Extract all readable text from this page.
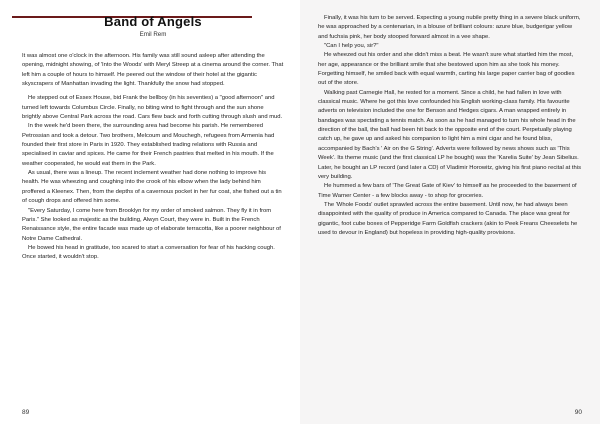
Band of Angels
Emil Rem

It was almost one o'clock in the afternoon. His family was still sound asleep after attending the opening, midnight showing, of 'Into the Woods' with Meryl Streep at a cinema around the corner. That left him a couple of hours to himself. He peered out the window of their hotel at the gigantic skyscrapers of Manhattan invading the light. Thankfully the snow had stopped.

He stepped out of Essex House, bid Frank the bellboy (in his seventies) a "good afternoon" and turned left towards Columbus Circle. Finally, no biting wind to fight through and the sun shone brightly above Central Park across the road. Cars flew back and forth cutting through slush and mud.

In the week he'd been there, the surrounding area had become his parish. He remembered Petrossian and took a detour. Two brothers, Melcoum and Mouchegh, refugees from Armenia had founded their first store in Paris in 1920. They established trading relations with Russia and specialised in caviar and spices. He came for their French pastries that melted in his mouth. If the weather cooperated, he would eat them in the Park.

As usual, there was a lineup. The recent inclement weather had done nothing to improve his health. He was wheezing and coughing into the crook of his elbow when the lady behind him proffered a Kleenex. Then, from the depths of a cavernous pocket in her fur coat, she fished out a tin of cough drops and offered him some.

"Every Saturday, I come here from Brooklyn for my order of smoked salmon. They fly it in from Paris." She looked as majestic as the building, Alwyn Court, they were in. Built in the French Renaissance style, the entire facade was made up of elaborate terracotta, like a poorer neighbour of Notre Dame Cathedral.

He bowed his head in gratitude, too scared to start a conversation for fear of his hacking cough. Once started, it wouldn't stop.

89

Finally, it was his turn to be served. Expecting a young nubile pretty thing in a severe black uniform, he was approached by a centenarian, in a blouse of brilliant colours: azure blue, budgerigar yellow and fuchsia pink, her body stooped forward almost in a vee shape.

"Can I help you, sir?"

He wheezed out his order and she didn't miss a beat. He wasn't sure what startled him the most, her age, appearance or the brilliant smile that she bestowed upon him as she took his money. Forgetting himself, he smiled back with equal warmth, carting his large paper carrier bag of goodies out of the store.

Walking past Carnegie Hall, he rested for a moment. Since a child, he had fallen in love with classical music. Where he got this love confounded his English working-class family. His favourite adverts on television included the one for Benson and Hedges cigars. A man wrapped entirely in bandages was spectating a tennis match. As soon as he had managed to turn his whole head in the direction of the ball, the ball had been hit back to the opposite end of the court. Perpetually playing catch up, he gave up and asked his companion to light him a mini cigar and he found bliss, accompanied by Bach's ' Air on the G String'. Adverts were followed by news shows such as 'This Week'. Its theme music (and the first classical LP he bought) was the 'Karelia Suite' by Jean Sibelius. Later, he bought an LP record (and later a CD) of Vladimir Horowitz, giving his first piano recital at this very building.

He hummed a few bars of 'The Great Gate of Kiev' to himself as he proceeded to the basement of Time Warner Center - a few blocks away - to shop for groceries.

The 'Whole Foods' outlet sprawled across the entire basement. Until now, he had always been disappointed with the quality of produce in America compared to Canada. The place was great for gigantic, foot cube boxes of Pepperidge Farm Goldfish crackers (akin to Peek Freans Cheeselets he used to devour in England) but hopeless in providing high-quality provisions.

90
